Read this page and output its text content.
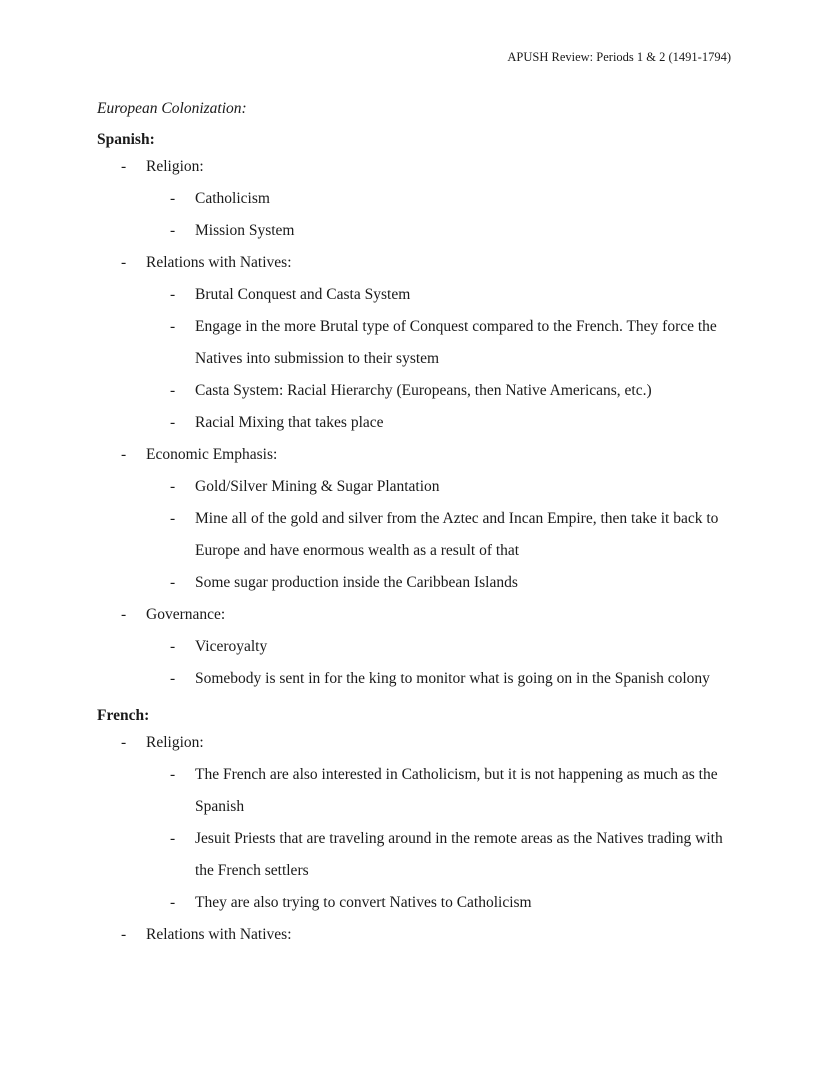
APUSH Review: Periods 1 & 2 (1491-1794)
European Colonization:
Spanish:
-	Religion:
-	Catholicism
-	Mission System
-	Relations with Natives:
-	Brutal Conquest and Casta System
-	Engage in the more Brutal type of Conquest compared to the French. They force the Natives into submission to their system
-	Casta System: Racial Hierarchy (Europeans, then Native Americans, etc.)
-	Racial Mixing that takes place
-	Economic Emphasis:
-	Gold/Silver Mining & Sugar Plantation
-	Mine all of the gold and silver from the Aztec and Incan Empire, then take it back to Europe and have enormous wealth as a result of that
-	Some sugar production inside the Caribbean Islands
-	Governance:
-	Viceroyalty
-	Somebody is sent in for the king to monitor what is going on in the Spanish colony
French:
-	Religion:
-	The French are also interested in Catholicism, but it is not happening as much as the Spanish
-	Jesuit Priests that are traveling around in the remote areas as the Natives trading with the French settlers
-	They are also trying to convert Natives to Catholicism
-	Relations with Natives:
